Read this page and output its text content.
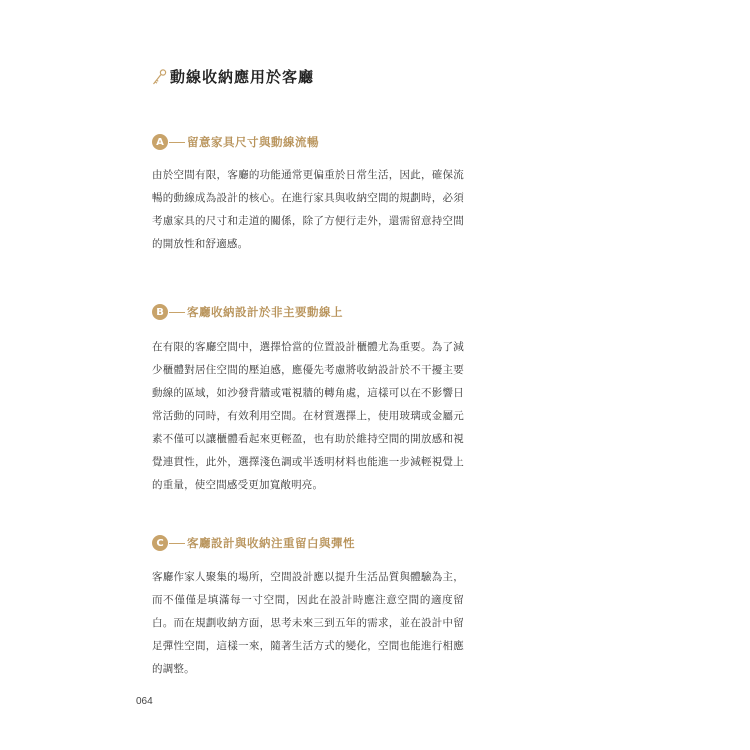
動線收納應用於客廳
A	留意家具尺寸與動線流暢
由於空間有限，客廳的功能通常更偏重於日常生活，因此，確保流暢的動線成為設計的核心。在進行家具與收納空間的規劃時，必須考慮家具的尺寸和走道的關係，除了方便行走外，還需留意持空間的開放性和舒適感。
B	客廳收納設計於非主要動線上
在有限的客廳空間中，選擇恰當的位置設計櫃體尤為重要。為了減少櫃體對居住空間的壓迫感，應優先考慮將收納設計於不干擾主要動線的區域，如沙發背牆或電視牆的轉角處，這樣可以在不影響日常活動的同時，有效利用空間。在材質選擇上，使用玻璃或金屬元素不僅可以讓櫃體看起來更輕盈，也有助於維持空間的開放感和視覺連貫性，此外，選擇淺色調或半透明材料也能進一步減輕視覺上的重量，使空間感受更加寬敞明亮。
C	客廳設計與收納注重留白與彈性
客廳作家人聚集的場所，空間設計應以提升生活品質與體驗為主，而不僅僅是填滿每一寸空間，因此在設計時應注意空間的適度留白。而在規劃收納方面，思考未來三到五年的需求，並在設計中留足彈性空間，這樣一來，隨著生活方式的變化，空間也能進行相應的調整。
064
